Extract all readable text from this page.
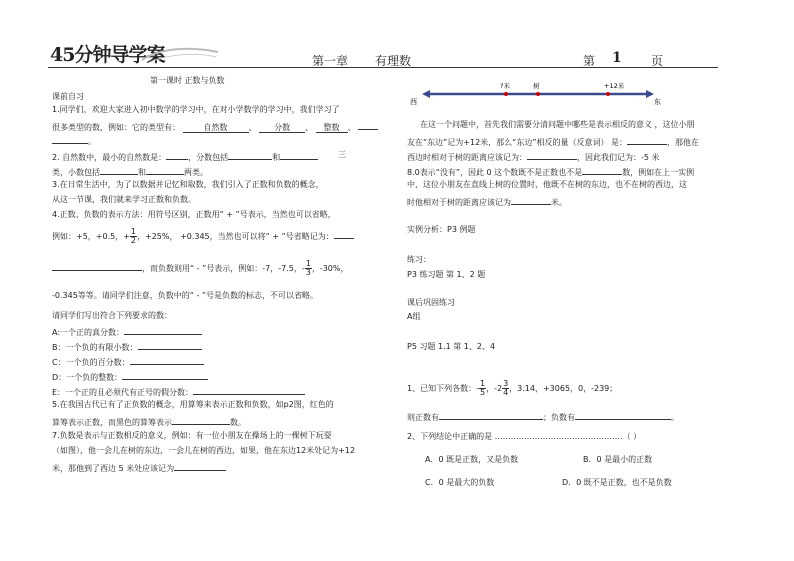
45分钟导学案	第一章 有理数	第 1 页
第一课时 正数与负数
课前自习
1.同学们，欢迎大家进入初中数学的学习中，在对小学数学的学习中，我们学习了
很多类型的数，例如：它的类型有：	自然数	、 分数 、 整数 、
。
2. 自然数中，最小的自然数是：	，分数包括	和	三
类，小数包括	和	两类。
3.在日常生活中，为了以数据并记忆和取数，我们引入了正数和负数的概念，
从这一节课，我们就来学习正数和负数。
4.正数、负数的表示方法：用符号区别，正数用“ + ”号表示，当然也可以省略，
例如：+5，+0.5，+ $\frac{1}{2}$ ，+25%， +0.345，当然也可以将“ + ”号省略记为：
，而负数则用“ - ”号表示，例如：-7，-7.5，- $\frac{1}{3}$ ，-30%，
-0.345等等。请同学们注意，负数中的“ - ”号是负数的标志，不可以省略。
请同学们写出符合下列要求的数：
A:一个正的真分数：
B：一个负的有限小数：
C：一个负的百分数：
D：一个负的整数：
E：一个正的且必须代有正号的假分数：
5.在我国古代已有了正负数的概念，用算筹来表示正数和负数，如p2图，红色的
算筹表示正数，而黑色的算筹表示	数。
7.负数是表示与正数相反的意义，例如：有一位小朋友在操场上的一棵树下玩耍
（如图），他一会儿在树的东边，一会儿在树的西边，如果，他在东边12米处记为+12
米，那他到了西边 5 米处应该记为
西	东
?米	树	+12米
在这一个问题中，首先我们需要分清问题中哪些是表示相反的意义 ，这位小朋
友在“东边”记为+12米，那么“东边”相反的量（反意词） 是：	，那他在
西边时相对于树的距离应该记为：	，因此我们记为：-5 米
8.0表示“没有”，因此 0 这个数既不是正数也不是	数，例如在上一实例
中，这位小朋友在直线上树的位置时，他既不在树的东边，也不在树的西边，这
时他相对于树的距离应该记为	米。
实例分析：P3 例题
练习：
P3 练习题 第 1、2 题
课后巩固练习
A组
P5 习题 1.1 第 1、2、4
1、已知下列各数：- $\frac{1}{5}$ ，$-2 \frac{3}{4}$ ，3.14，+3065，0，-239；
则正数有	；负数有	。
2、下列结论中正确的是 …………………………………………（ ）
A．0 既是正数，又是负数	B．0 是最小的正数
C．0 是最大的负数	D．0 既不是正数，也不是负数
